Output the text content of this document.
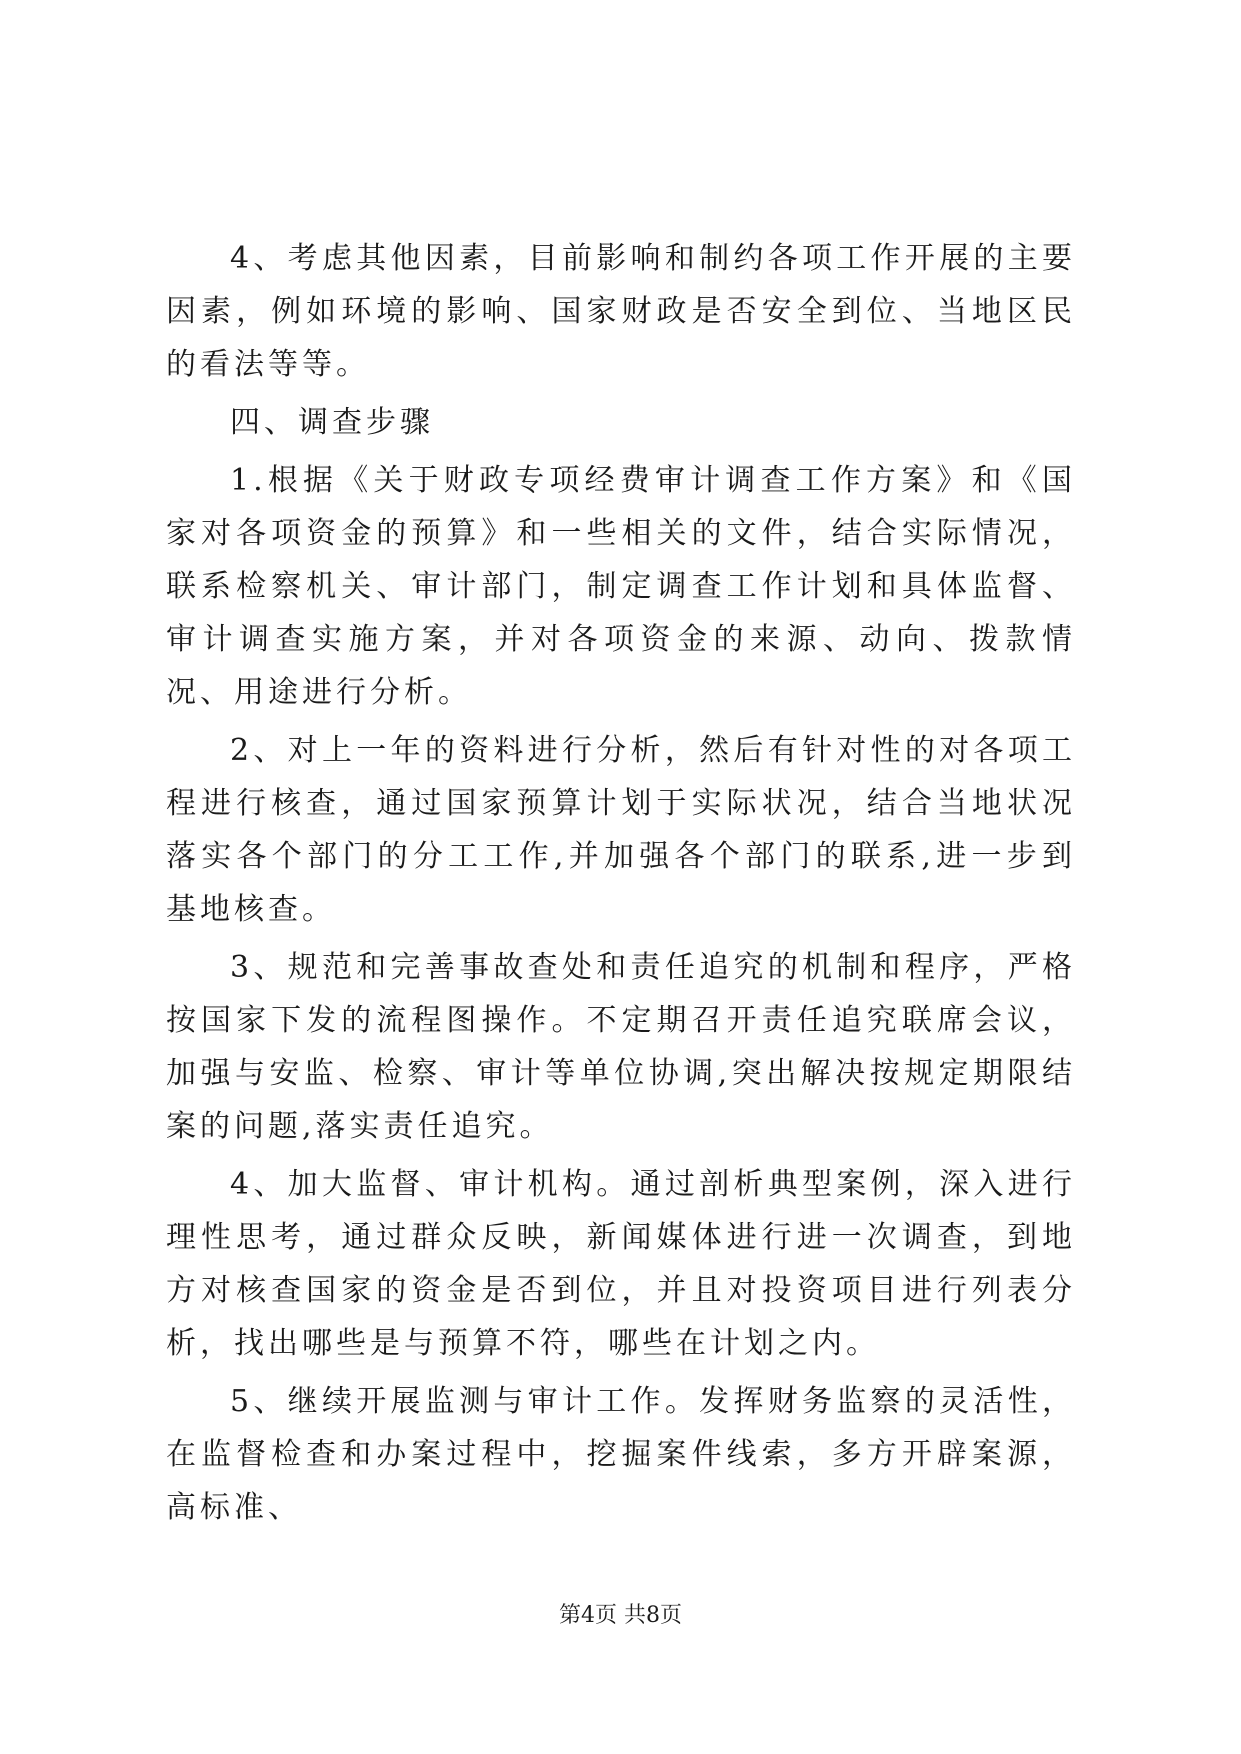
4、考虑其他因素，目前影响和制约各项工作开展的主要因素，例如环境的影响、国家财政是否安全到位、当地区民的看法等等。

四、调查步骤

1.根据《关于财政专项经费审计调查工作方案》和《国家对各项资金的预算》和一些相关的文件，结合实际情况，联系检察机关、审计部门，制定调查工作计划和具体监督、审计调查实施方案，并对各项资金的来源、动向、拨款情况、用途进行分析。

2、对上一年的资料进行分析，然后有针对性的对各项工程进行核查，通过国家预算计划于实际状况，结合当地状况落实各个部门的分工工作,并加强各个部门的联系,进一步到基地核查。

3、规范和完善事故查处和责任追究的机制和程序，严格按国家下发的流程图操作。不定期召开责任追究联席会议，加强与安监、检察、审计等单位协调,突出解决按规定期限结案的问题,落实责任追究。

4、加大监督、审计机构。通过剖析典型案例，深入进行理性思考，通过群众反映，新闻媒体进行进一次调查，到地方对核查国家的资金是否到位，并且对投资项目进行列表分析，找出哪些是与预算不符，哪些在计划之内。

5、继续开展监测与审计工作。发挥财务监察的灵活性，在监督检查和办案过程中，挖掘案件线索，多方开辟案源，高标准、

第4页 共8页
